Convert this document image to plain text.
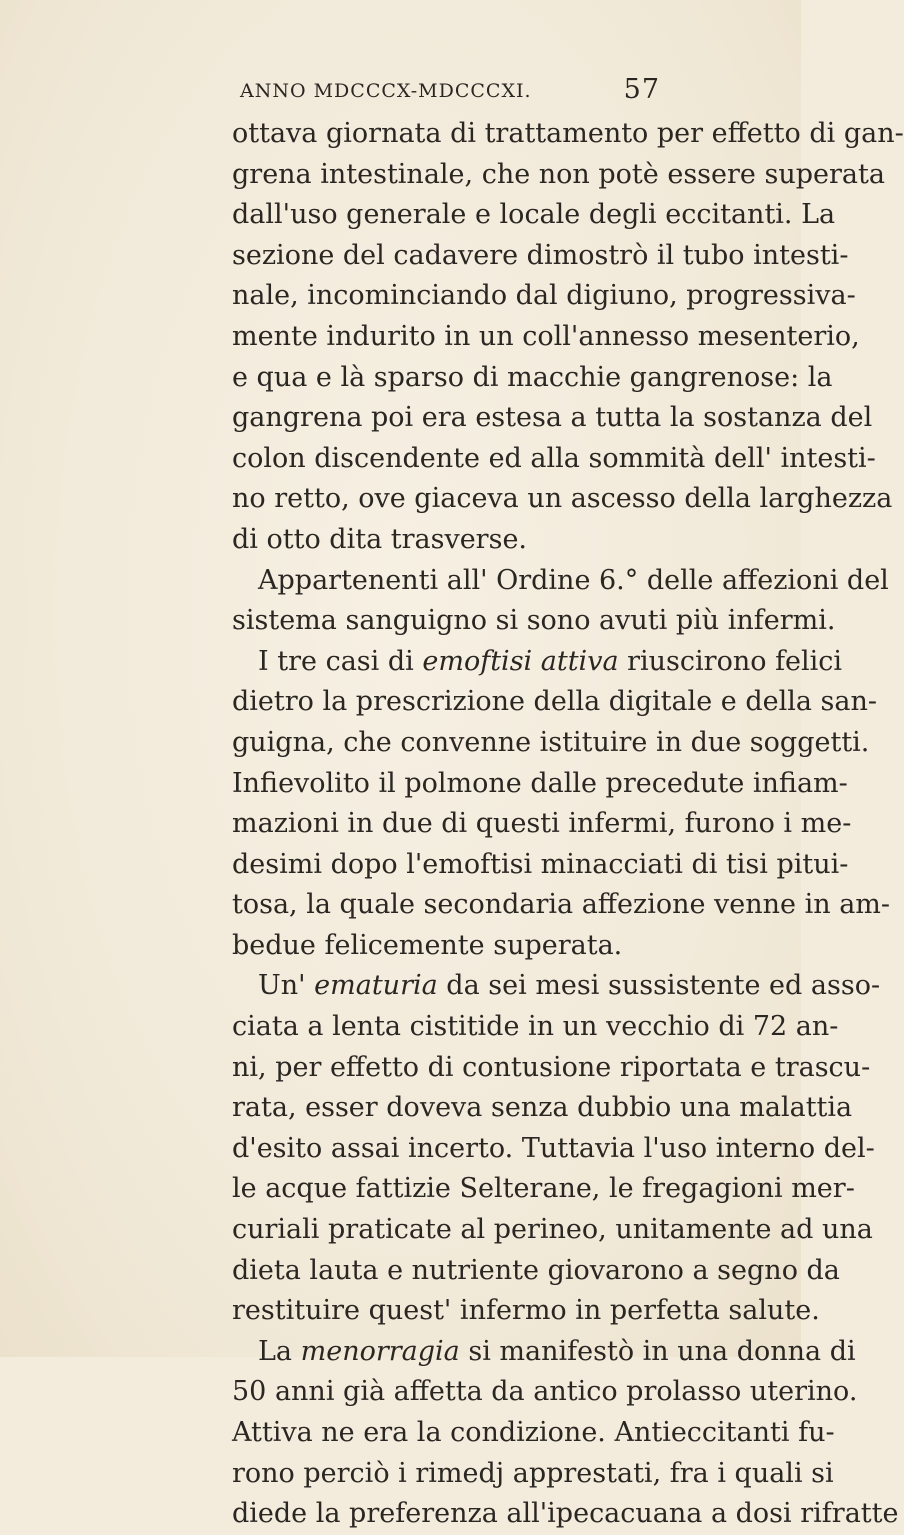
ANNO MDCCCX-MDCCCXI.	57
ottava giornata di trattamento per effetto di gan-
grena intestinale, che non potè essere superata
dall'uso generale e locale degli eccitanti. La
sezione del cadavere dimostrò il tubo intesti-
nale, incominciando dal digiuno, progressiva-
mente indurito in un coll'annesso mesenterio,
e qua e là sparso di macchie gangrenose: la
gangrena poi era estesa a tutta la sostanza del
colon discendente ed alla sommità dell' intesti-
no retto, ove giaceva un ascesso della larghezza
di otto dita trasverse.
Appartenenti all' Ordine 6.° delle affezioni del
sistema sanguigno si sono avuti più infermi.
I tre casi di emoftisi attiva riuscirono felici
dietro la prescrizione della digitale e della san-
guigna, che convenne istituire in due soggetti.
Infievolito il polmone dalle precedute infiam-
mazioni in due di questi infermi, furono i me-
desimi dopo l'emoftisi minacciati di tisi pitui-
tosa, la quale secondaria affezione venne in am-
bedue felicemente superata.
Un' ematuria da sei mesi sussistente ed asso-
ciata a lenta cistitide in un vecchio di 72 an-
ni, per effetto di contusione riportata e trascu-
rata, esser doveva senza dubbio una malattia
d'esito assai incerto. Tuttavia l'uso interno del-
le acque fattizie Selterane, le fregagioni mer-
curiali praticate al perineo, unitamente ad una
dieta lauta e nutriente giovarono a segno da
restituire quest' infermo in perfetta salute.
La menorragia si manifestò in una donna di
50 anni già affetta da antico prolasso uterino.
Attiva ne era la condizione. Antieccitanti fu-
rono perciò i rimedj apprestati, fra i quali si
diede la preferenza all'ipecacuana a dosi rifratte
